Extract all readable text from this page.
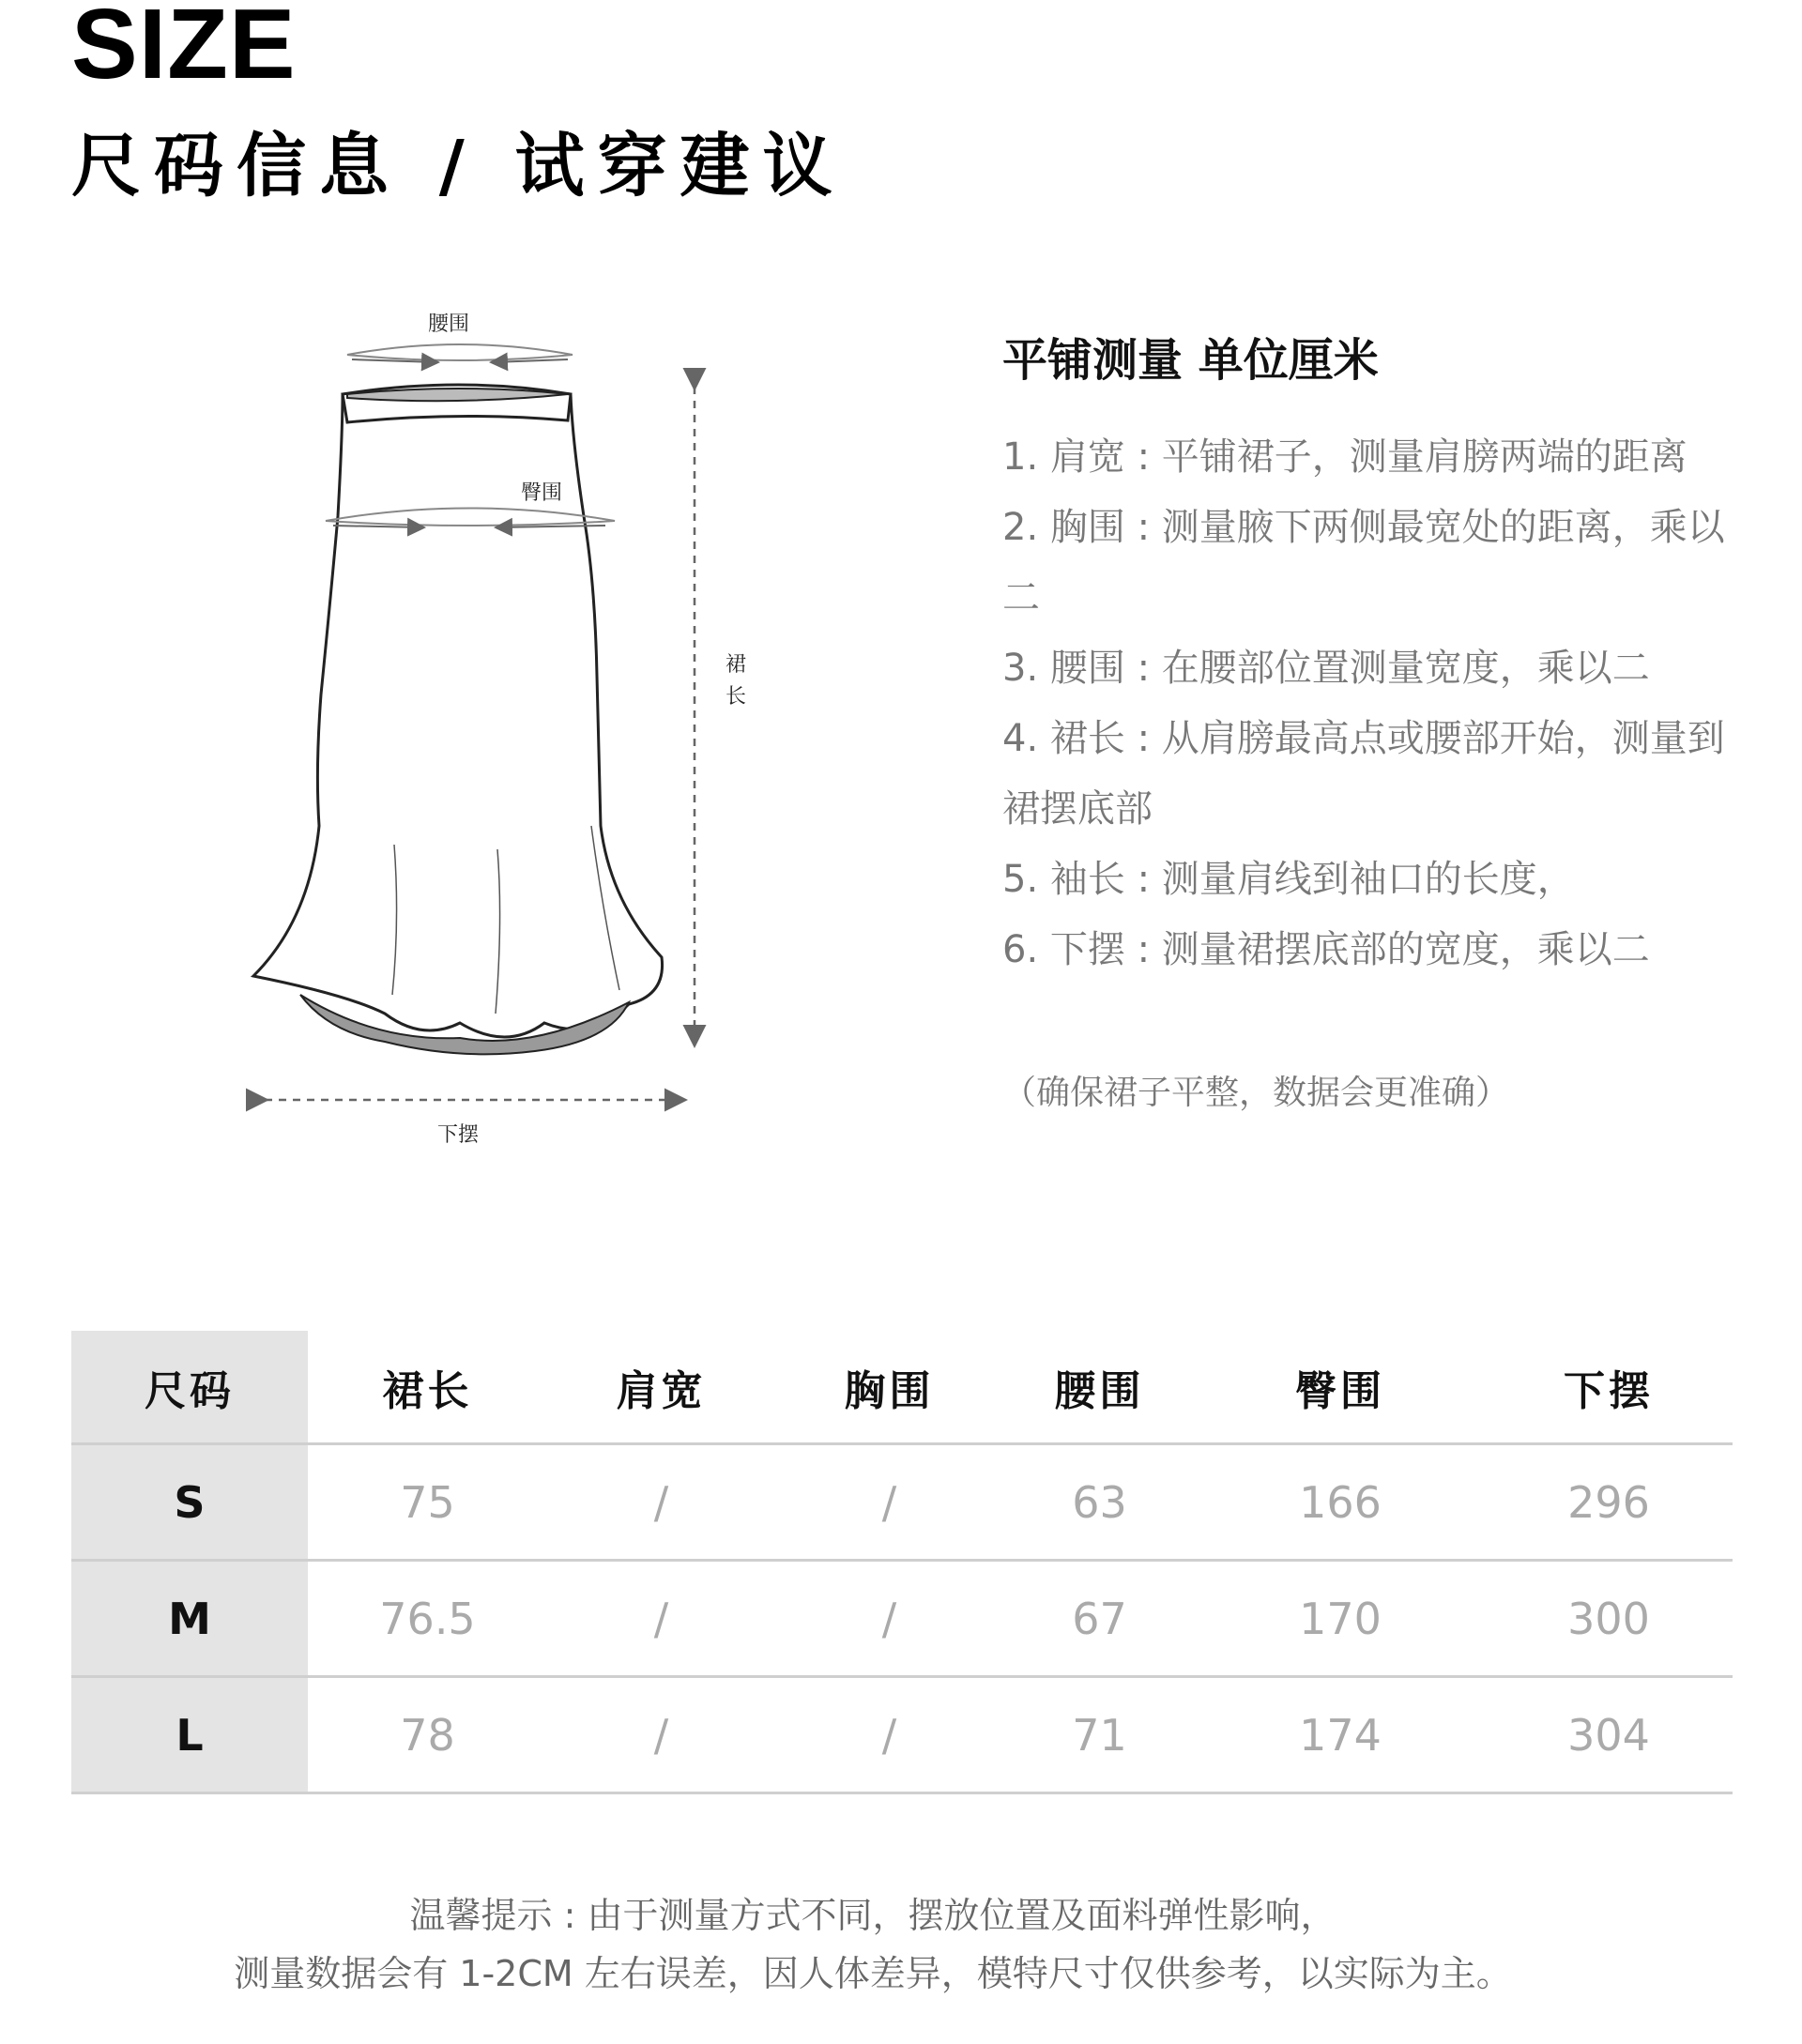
SIZE
尺码信息 / 试穿建议
腰围
臀围
裙
长
下摆
平铺测量 单位厘米
1. 肩宽 : 平铺裙子，测量肩膀两端的距离
2. 胸围 : 测量腋下两侧最宽处的距离，乘以二
3. 腰围 : 在腰部位置测量宽度，乘以二
4. 裙长 : 从肩膀最高点或腰部开始，测量到裙摆底部
5. 袖长 : 测量肩线到袖口的长度，
6. 下摆 : 测量裙摆底部的宽度，乘以二
（确保裙子平整，数据会更准确）
尺码	裙长	肩宽	胸围	腰围	臀围	下摆
S	75	/	/	63	166	296
M	76.5	/	/	67	170	300
L	78	/	/	71	174	304
温馨提示 : 由于测量方式不同，摆放位置及面料弹性影响，
测量数据会有 1-2CM 左右误差，因人体差异，模特尺寸仅供参考，以实际为主。
